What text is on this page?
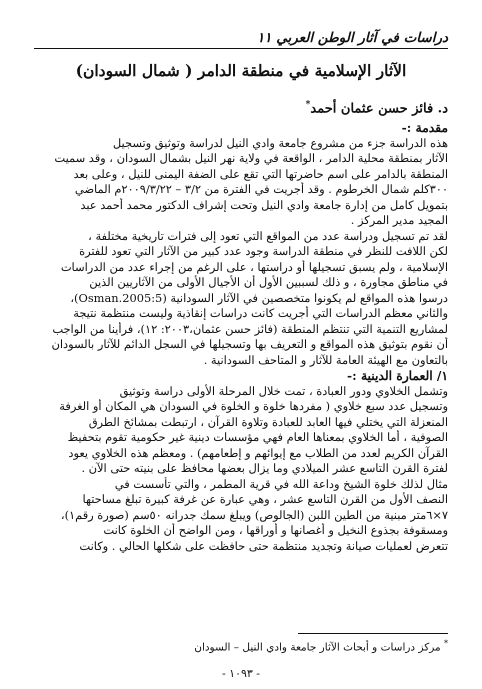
دراسات في آثار الوطن العربي ١١
الآثار الإسلامية في منطقة الدامر ( شمال السودان)
د. فائز حسن عثمان أحمد*
مقدمة :-
هذه الدراسة جزء من مشروع جامعة وادي النيل لدراسة وتوثيق وتسجيل
الآثار بمنطقة محلية الدامر ، الواقعة في ولاية نهر النيل بشمال السودان ، وقد سميت
المنطقة بالدامر على اسم حاضرتها التي تقع على الضفة اليمنى للنيل ، وعلى بعد
٣٠٠كلم شمال الخرطوم . وقد أجريت في الفترة من ٣/٢ – ٢٠٠٩/٣/٢٢م الماضي
بتمويل كامل من إدارة جامعة وادي النيل وتحت إشراف الدكتور محمد أحمد عبد
المجيد مدير المركز .
لقد تم تسجيل ودراسة عدد من المواقع التي تعود إلى فترات تاريخية مختلفة ،
لكن اللافت للنظر في منطقة الدراسة وجود عدد كبير من الآثار التي تعود للفترة
الإسلامية ، ولم يسبق تسجيلها أو دراستها ، على الرغم من إجراء عدد من الدراسات
في مناطق مجاورة ، و ذلك لسببين الأول أن الأجيال الأولى من الآثاريين الذين
درسوا هذه المواقع لم يكونوا متخصصين في الآثار السودانية (Osman.2005:5)،
والثاني معظم الدراسات التي أجريت كانت دراسات إنقاذية وليست منتظمة نتيجة
لمشاريع التنمية التي تنتظم المنطقة (فائز حسن عثمان،٢٠٠٣: ١٢)، فرأينا من الواجب
أن نقوم بتوثيق هذه المواقع و التعريف بها وتسجيلها في السجل الدائم للآثار بالسودان
بالتعاون مع الهيئة العامة للآثار و المتاحف السودانية .
١/ العمارة الدينية :-
وتشمل الخلاوي ودور العبادة ، تمت خلال المرحلة الأولى دراسة وتوثيق
وتسجيل عدد سبع خلاوي ( مفردها خلوة و الخلوة في السودان هي المكان أو الغرفة
المنعزلة التي يختلي فيها العابد للعبادة وتلاوة القرآن ، ارتبطت بمشائخ الطرق
الصوفية ، أما الخلاوي بمعناها العام فهي مؤسسات دينية غير حكومية تقوم بتحفيظ
القرآن الكريم لعدد من الطلاب مع إيوائهم و إطعامهم) . ومعظم هذه الخلاوي يعود
لفترة القرن التاسع عشر الميلادي وما يزال بعضها محافظ على بنيته حتى الآن .
مثال لذلك خلوة الشيخ وداعة الله في قرية المطمر ، والتي تأسست في
النصف الأول من القرن التاسع عشر ، وهي عبارة عن غرفة كبيرة تبلغ مساحتها
٧×٦متر مبنية من الطين اللبن (الجالوص) ويبلغ سمك جدرانه ٥٠سم (صورة رقم١)،
ومسقوفة بجذوع النخيل و أغصانها و أوراقها ، ومن الواضح أن الخلوة كانت
تتعرض لعمليات صيانة وتجديد منتظمة حتى حافظت على شكلها الحالي . وكانت
* مركز دراسات و أبحاث الآثار جامعة وادي النيل – السودان
- ١٠٩٣ -
